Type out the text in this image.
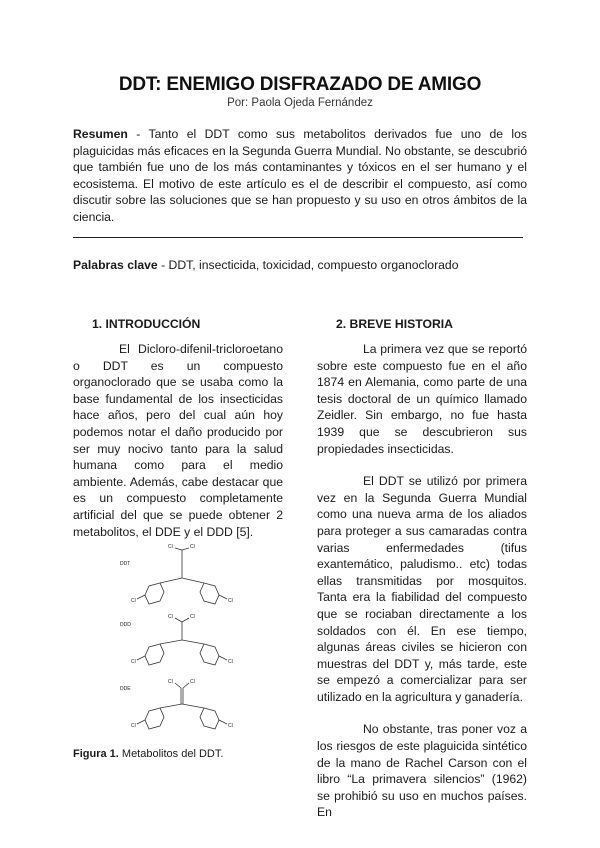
DDT: ENEMIGO DISFRAZADO DE AMIGO
Por: Paola Ojeda Fernández
Resumen - Tanto el DDT como sus metabolitos derivados fue uno de los plaguicidas más eficaces en la Segunda Guerra Mundial. No obstante, se descubrió que también fue uno de los más contaminantes y tóxicos en el ser humano y el ecosistema. El motivo de este artículo es el de describir el compuesto, así como discutir sobre las soluciones que se han propuesto y su uso en otros ámbitos de la ciencia.
Palabras clave - DDT, insecticida, toxicidad, compuesto organoclorado
1. INTRODUCCIÓN	2. BREVE HISTORIA

El Dicloro-difenil-tricloroetano o DDT es un compuesto organoclorado que se usaba como la base fundamental de los insecticidas hace años, pero del cual aún hoy podemos notar el daño producido por ser muy nocivo tanto para la salud humana como para el medio ambiente. Además, cabe destacar que es un compuesto completamente artificial del que se puede obtener 2 metabolitos, el DDE y el DDD [5].

La primera vez que se reportó sobre este compuesto fue en el año 1874 en Alemania, como parte de una tesis doctoral de un químico llamado Zeidler. Sin embargo, no fue hasta 1939 que se descubrieron sus propiedades insecticidas.

El DDT se utilizó por primera vez en la Segunda Guerra Mundial como una nueva arma de los aliados para proteger a sus camaradas contra varias enfermedades (tifus exantemático, paludismo.. etc) todas ellas transmitidas por mosquitos. Tanta era la fiabilidad del compuesto que se rociaban directamente a los soldados con él. En ese tiempo, algunas áreas civiles se hicieron con muestras del DDT y, más tarde, este se empezó a comercializar para ser utilizado en la agricultura y ganadería.

No obstante, tras poner voz a los riesgos de este plaguicida sintético de la mano de Rachel Carson con el libro “La primavera silencios” (1962) se prohibió su uso en muchos países. En

DDT
DDD
DDE
Cl	Cl
Cl	Cl
Cl	Cl
Cl	Cl
Cl	Cl
Cl	Cl
Figura 1. Metabolitos del DDT.
